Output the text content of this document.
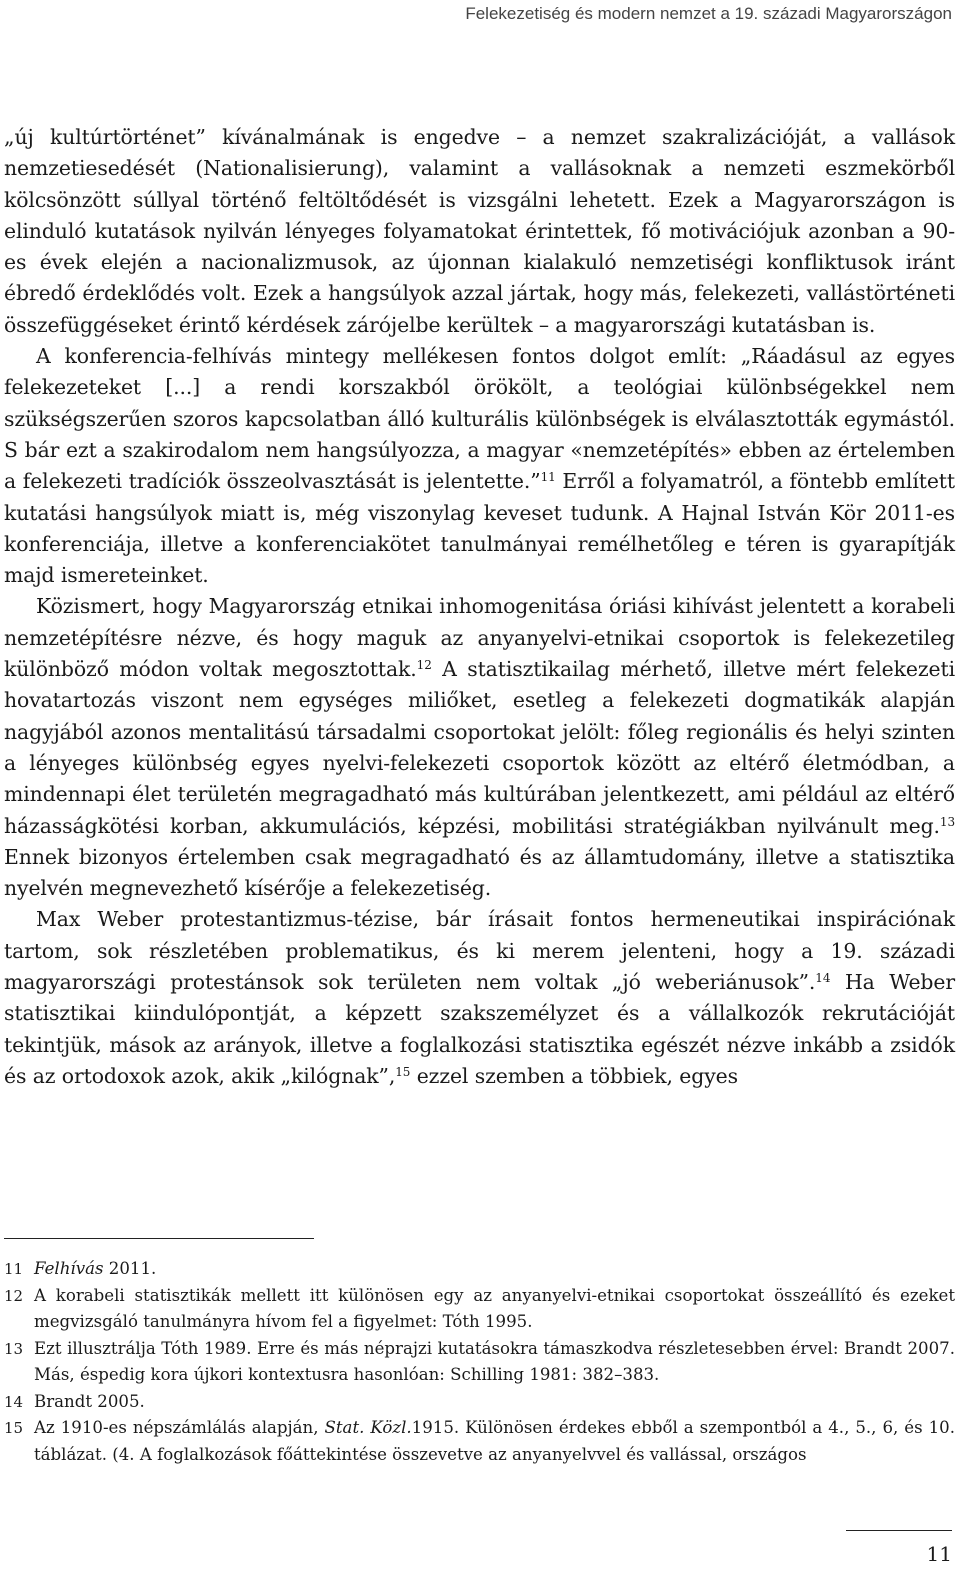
Felekezetiség és modern nemzet a 19. századi Magyarországon

„új kultúrtörténet” kívánalmának is engedve – a nemzet szakralizációját, a vallások nemzetiesedését (Nationalisierung), valamint a vallásoknak a nemzeti eszmekörből kölcsönzött súllyal történő feltöltődését is vizsgálni lehetett. Ezek a Magyarországon is elinduló kutatások nyilván lényeges folyamatokat érintettek, fő motivációjuk azonban a 90-es évek elején a nacionalizmusok, az újonnan kialakuló nemzetiségi konfliktusok iránt ébredő érdeklődés volt. Ezek a hangsúlyok azzal jártak, hogy más, felekezeti, vallástörténeti összefüggéseket érintő kérdések zárójelbe kerültek – a magyarországi kutatásban is.

A konferencia-felhívás mintegy mellékesen fontos dolgot említ: „Ráadásul az egyes felekezeteket [...] a rendi korszakból örökölt, a teológiai különbségekkel nem szükségszerűen szoros kapcsolatban álló kulturális különbségek is elválasztották egymástól. S bár ezt a szakirodalom nem hangsúlyozza, a magyar «nemzetépítés» ebben az értelemben a felekezeti tradíciók összeolvasztását is jelentette.”$^{11}$ Erről a folyamatról, a föntebb említett kutatási hangsúlyok miatt is, még viszonylag keveset tudunk. A Hajnal István Kör 2011-es konferenciája, illetve a konferenciakötet tanulmányai remélhetőleg e téren is gyarapítják majd ismereteinket.

Közismert, hogy Magyarország etnikai inhomogenitása óriási kihívást jelentett a korabeli nemzetépítésre nézve, és hogy maguk az anyanyelvi-etnikai csoportok is felekezetileg különböző módon voltak megosztottak.$^{12}$ A statisztikailag mérhető, illetve mért felekezeti hovatartozás viszont nem egységes miliőket, esetleg a felekezeti dogmatikák alapján nagyjából azonos mentalitású társadalmi csoportokat jelölt: főleg regionális és helyi szinten a lényeges különbség egyes nyelvi-felekezeti csoportok között az eltérő életmódban, a mindennapi élet területén megragadható más kultúrában jelentkezett, ami például az eltérő házasságkötési korban, akkumulációs, képzési, mobilitási stratégiákban nyilvánult meg.$^{13}$ Ennek bizonyos értelemben csak megragadható és az államtudomány, illetve a statisztika nyelvén megnevezhető kísérője a felekezetiség.

Max Weber protestantizmus-tézise, bár írásait fontos hermeneutikai inspirációnak tartom, sok részletében problematikus, és ki merem jelenteni, hogy a 19. századi magyarországi protestánsok sok területen nem voltak „jó weberiánusok”.$^{14}$ Ha Weber statisztikai kiindulópontját, a képzett szakszemélyzet és a vállalkozók rekrutációját tekintjük, mások az arányok, illetve a foglalkozási statisztika egészét nézve inkább a zsidók és az ortodoxok azok, akik „kilógnak”,$^{15}$ ezzel szemben a többiek, egyes

11 Felhívás 2011.
12 A korabeli statisztikák mellett itt különösen egy az anyanyelvi-etnikai csoportokat összeállító és ezeket megvizsgáló tanulmányra hívom fel a figyelmet: Tóth 1995.
13 Ezt illusztrálja Tóth 1989. Erre és más néprajzi kutatásokra támaszkodva részletesebben érvel: Brandt 2007. Más, éspedig kora újkori kontextusra hasonlóan: Schilling 1981: 382–383.
14 Brandt 2005.
15 Az 1910-es népszámlálás alapján, Stat. Közl.1915. Különösen érdekes ebből a szempontból a 4., 5., 6, és 10. táblázat. (4. A foglalkozások főáttekintése összevetve az anyanyelvvel és vallással, országos
11
